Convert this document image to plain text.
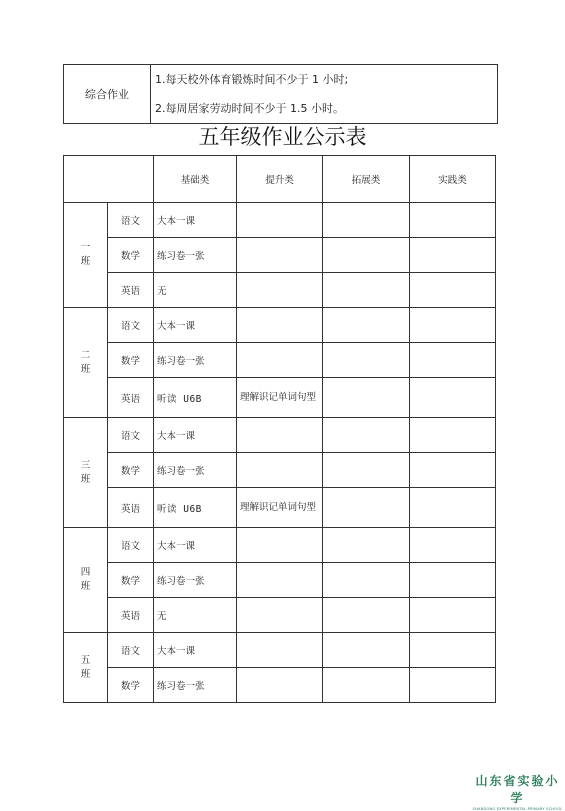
综合作业	1.每天校外体育锻炼时间不少于 1 小时;
2.每周居家劳动时间不少于 1.5 小时。
五年级作业公示表
		基础类	提升类	拓展类	实践类
一
班	语文	大本一课			
	数学	练习卷一张			
	英语	无			
二
班	语文	大本一课			
	数学	练习卷一张			
	英语	听读 U6B	理解识记单词句型		
三
班	语文	大本一课			
	数学	练习卷一张			
	英语	听读 U6B	理解识记单词句型		
四
班	语文	大本一课			
	数学	练习卷一张			
	英语	无			
五
班	语文	大本一课			
	数学	练习卷一张			
山东省实验小学
SHANDONG EXPERIMENTAL PRIMARY SCHOOL
